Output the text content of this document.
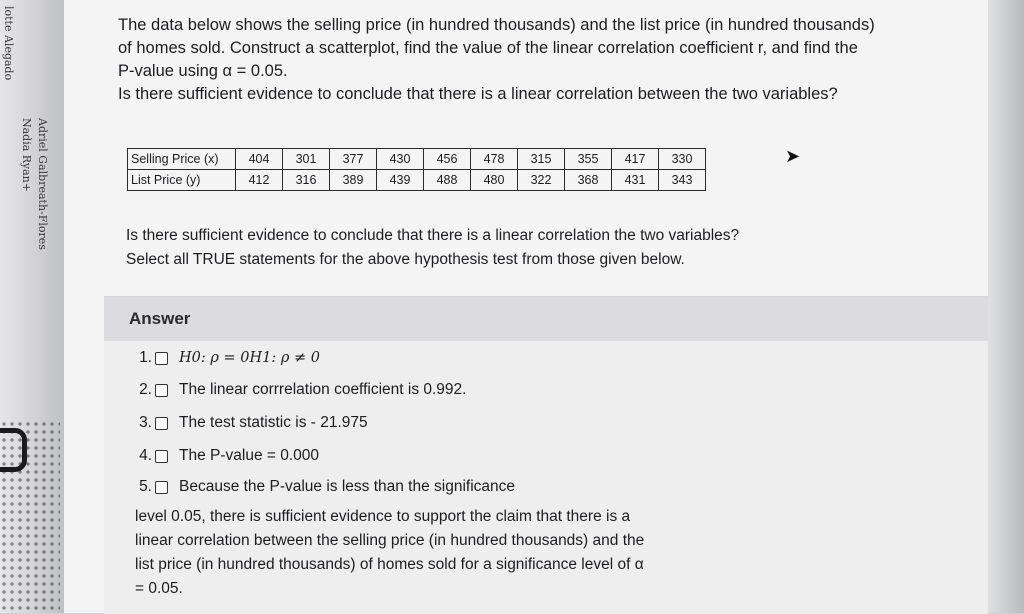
lotte Alegado
Nadia Ryan+ Adriel Galbreath-Flores

The data below shows the selling price (in hundred thousands) and the list price (in hundred thousands)

of homes sold. Construct a scatterplot, find the value of the linear correlation coefficient r, and find the

P-value using α = 0.05.

Is there sufficient evidence to conclude that there is a linear correlation between the two variables?

Selling Price (x)	404	301	377	430	456	478	315	355	417	330
List Price (y)	412	316	389	439	488	480	322	368	431	343
➤

Is there sufficient evidence to conclude that there is a linear correlation the two variables?

Select all TRUE statements for the above hypothesis test from those given below.

Answer
1. H0: ρ = 0H1: ρ ≠ 0
2. The linear corrrelation coefficient is 0.992.
3. The test statistic is - 21.975
4. The P-value = 0.000
5. Because the P-value is less than the significance

level 0.05, there is sufficient evidence to support the claim that there is a

linear correlation between the selling price (in hundred thousands) and the

list price (in hundred thousands) of homes sold for a significance level of α

= 0.05.
